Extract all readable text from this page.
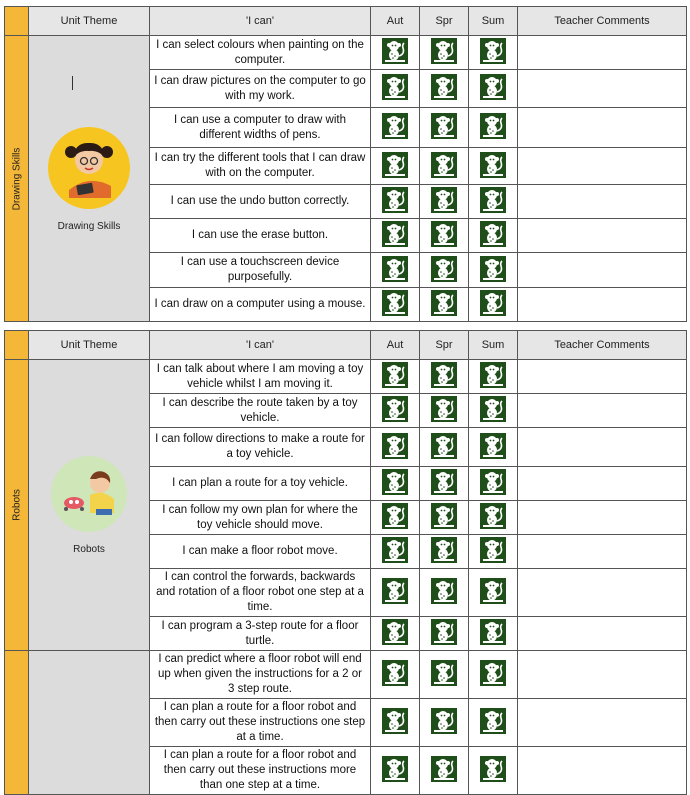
	Unit Theme	'I can'	Aut	Spr	Sum	Teacher Comments

Drawing Skills	Drawing Skills	I can select colours when painting on the computer.	

		I can draw pictures on the computer to go with my work.	

		I can use a computer to draw with different widths of pens.	

		I can try the different tools that I can draw with on the computer.	

		I can use the undo button correctly.	

		I can use the erase button.	

		I can use a touchscreen device purposefully.	

		I can draw on a computer using a mouse.	

	Unit Theme	'I can'	Aut	Spr	Sum	Teacher Comments

Robots	Robots	I can talk about where I am moving a toy vehicle whilst I am moving it.	

		I can describe the route taken by a toy vehicle.	

		I can follow directions to make a route for a toy vehicle.	

		I can plan a route for a toy vehicle.	

		I can follow my own plan for where the toy vehicle should move.	

		I can make a floor robot move.	

		I can control the forwards, backwards and rotation of a floor robot one step at a time.	

		I can program a 3-step route for a floor turtle.	

		I can predict where a floor robot will end up when given the instructions for a 2 or 3 step route.	

		I can plan a route for a floor robot and then carry out these instructions one step at a time.	

		I can plan a route for a floor robot and then carry out these instructions more than one step at a time.	
